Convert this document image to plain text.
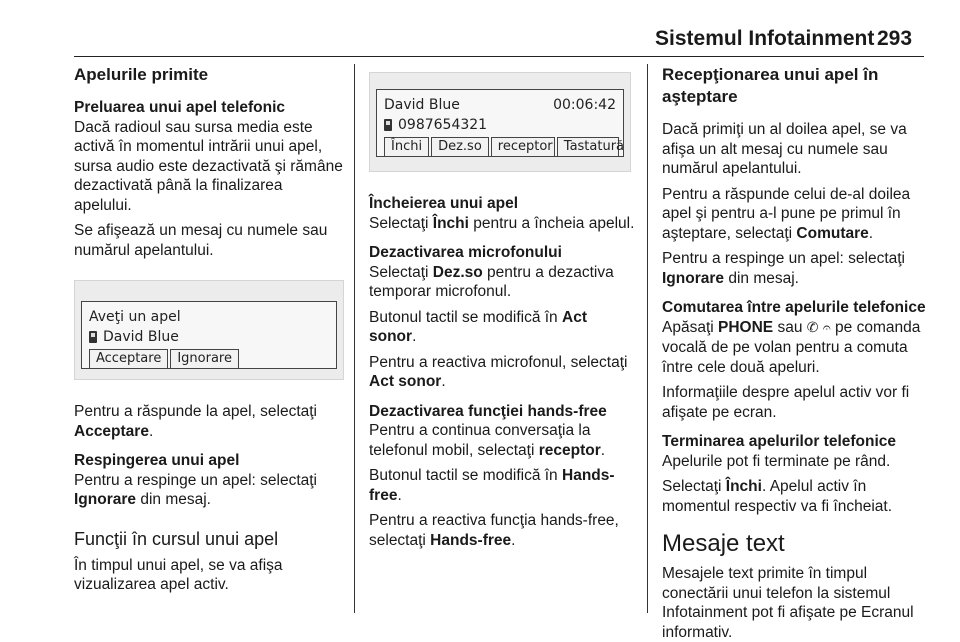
Sistemul Infotainment 293
Apelurile primite
Preluarea unui apel telefonic

Dacă radioul sau sursa media este activă în momentul intrării unui apel, sursa audio este dezactivată şi rămâne dezactivată până la finalizarea apelului.

Se afişează un mesaj cu numele sau numărul apelantului.

Aveţi un apel
David Blue
Acceptare	Ignorare

Pentru a răspunde la apel, selectaţi
Acceptare.

Respingerea unui apel

Pentru a respinge un apel: selectaţi
Ignorare din mesaj.

Funcţii în cursul unui apel

În timpul unui apel, se va afişa vizualizarea apel activ.

David Blue	00:06:42
0987654321
Închi	Dez.so	receptor Tastatură
Încheierea unui apel

Selectaţi Închi pentru a încheia apelul.

Dezactivarea microfonului

Selectaţi Dez.so pentru a dezactiva temporar microfonul.

Butonul tactil se modifică în Act sonor.

Pentru a reactiva microfonul, selectaţi Act sonor.

Dezactivarea funcţiei hands-free

Pentru a continua conversaţia la telefonul mobil, selectaţi receptor.

Butonul tactil se modifică în Hands-free.

Pentru a reactiva funcţia hands-free, selectaţi Hands-free.

Recepţionarea unui apel în aşteptare

Dacă primiţi un al doilea apel, se va afişa un alt mesaj cu numele sau numărul apelantului.

Pentru a răspunde celui de-al doilea apel şi pentru a-l pune pe primul în aşteptare, selectaţi Comutare.

Pentru a respinge un apel: selectaţi Ignorare din mesaj.

Comutarea între apelurile telefonice

Apăsaţi PHONE sau ✆ 𝄐 pe comanda vocală de pe volan pentru a comuta între cele două apeluri.

Informaţiile despre apelul activ vor fi afişate pe ecran.

Terminarea apelurilor telefonice

Apelurile pot fi terminate pe rând.

Selectaţi Închi. Apelul activ în momentul respectiv va fi încheiat.

Mesaje text

Mesajele text primite în timpul conectării unui telefon la sistemul Infotainment pot fi afişate pe Ecranul informativ.
